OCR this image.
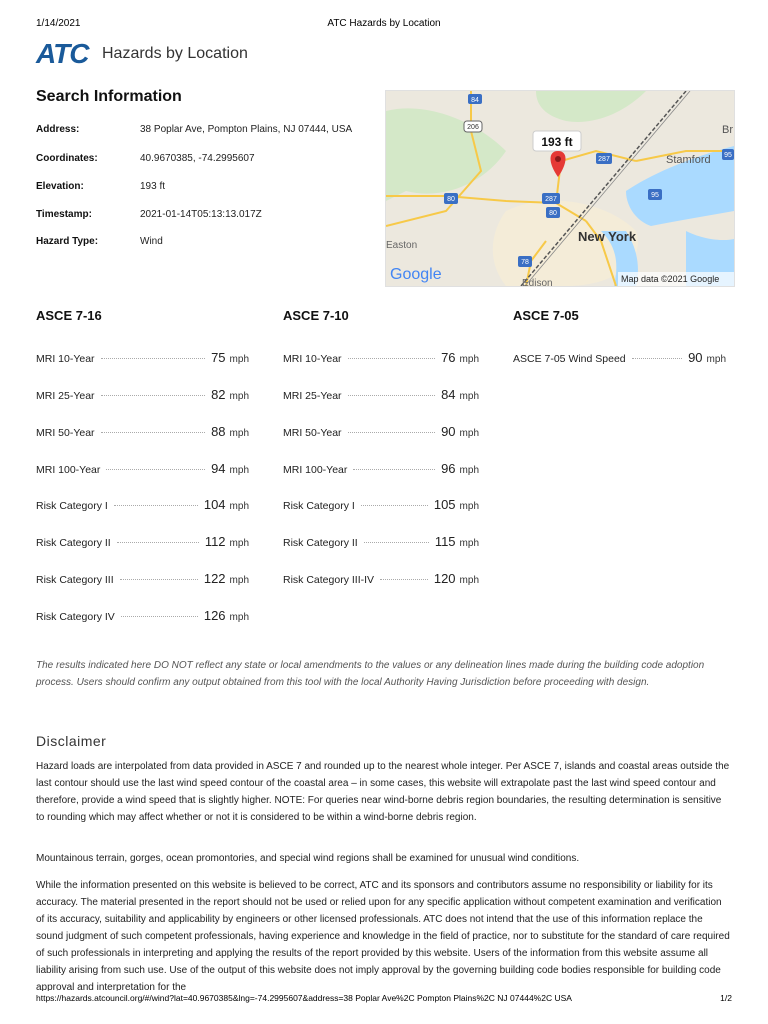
1/14/2021	ATC Hazards by Location
ATC Hazards by Location
Search Information
Address:	38 Poplar Ave, Pompton Plains, NJ 07444, USA
Coordinates:	40.9670385, -74.2995607
Elevation:	193 ft
Timestamp:	2021-01-14T05:13:13.017Z
Hazard Type:	Wind
84
206
287
95
80	287
80
95
78
Stamford
New York
Easton
Edison
Br
193 ft
Google	Map data ©2021 Google
ASCE 7-16
MRI 10-Year	75 mph
MRI 25-Year	82 mph
MRI 50-Year	88 mph
MRI 100-Year	94 mph
Risk Category I	104 mph
Risk Category II	112 mph
Risk Category III	122 mph
Risk Category IV	126 mph
ASCE 7-10
MRI 10-Year	76 mph
MRI 25-Year	84 mph
MRI 50-Year	90 mph
MRI 100-Year	96 mph
Risk Category I	105 mph
Risk Category II	115 mph
Risk Category III-IV	120 mph
ASCE 7-05
ASCE 7-05 Wind Speed	90 mph
The results indicated here DO NOT reflect any state or local amendments to the values or any delineation lines made during the building code adoption process. Users should confirm any output obtained from this tool with the local Authority Having Jurisdiction before proceeding with design.
Disclaimer
Hazard loads are interpolated from data provided in ASCE 7 and rounded up to the nearest whole integer. Per ASCE 7, islands and coastal areas outside the last contour should use the last wind speed contour of the coastal area – in some cases, this website will extrapolate past the last wind speed contour and therefore, provide a wind speed that is slightly higher. NOTE: For queries near wind-borne debris region boundaries, the resulting determination is sensitive to rounding which may affect whether or not it is considered to be within a wind-borne debris region.
Mountainous terrain, gorges, ocean promontories, and special wind regions shall be examined for unusual wind conditions.
While the information presented on this website is believed to be correct, ATC and its sponsors and contributors assume no responsibility or liability for its accuracy. The material presented in the report should not be used or relied upon for any specific application without competent examination and verification of its accuracy, suitability and applicability by engineers or other licensed professionals. ATC does not intend that the use of this information replace the sound judgment of such competent professionals, having experience and knowledge in the field of practice, nor to substitute for the standard of care required of such professionals in interpreting and applying the results of the report provided by this website. Users of the information from this website assume all liability arising from such use. Use of the output of this website does not imply approval by the governing building code bodies responsible for building code approval and interpretation for the
https://hazards.atcouncil.org/#/wind?lat=40.9670385&lng=-74.2995607&address=38 Poplar Ave%2C Pompton Plains%2C NJ 07444%2C USA	1/2
